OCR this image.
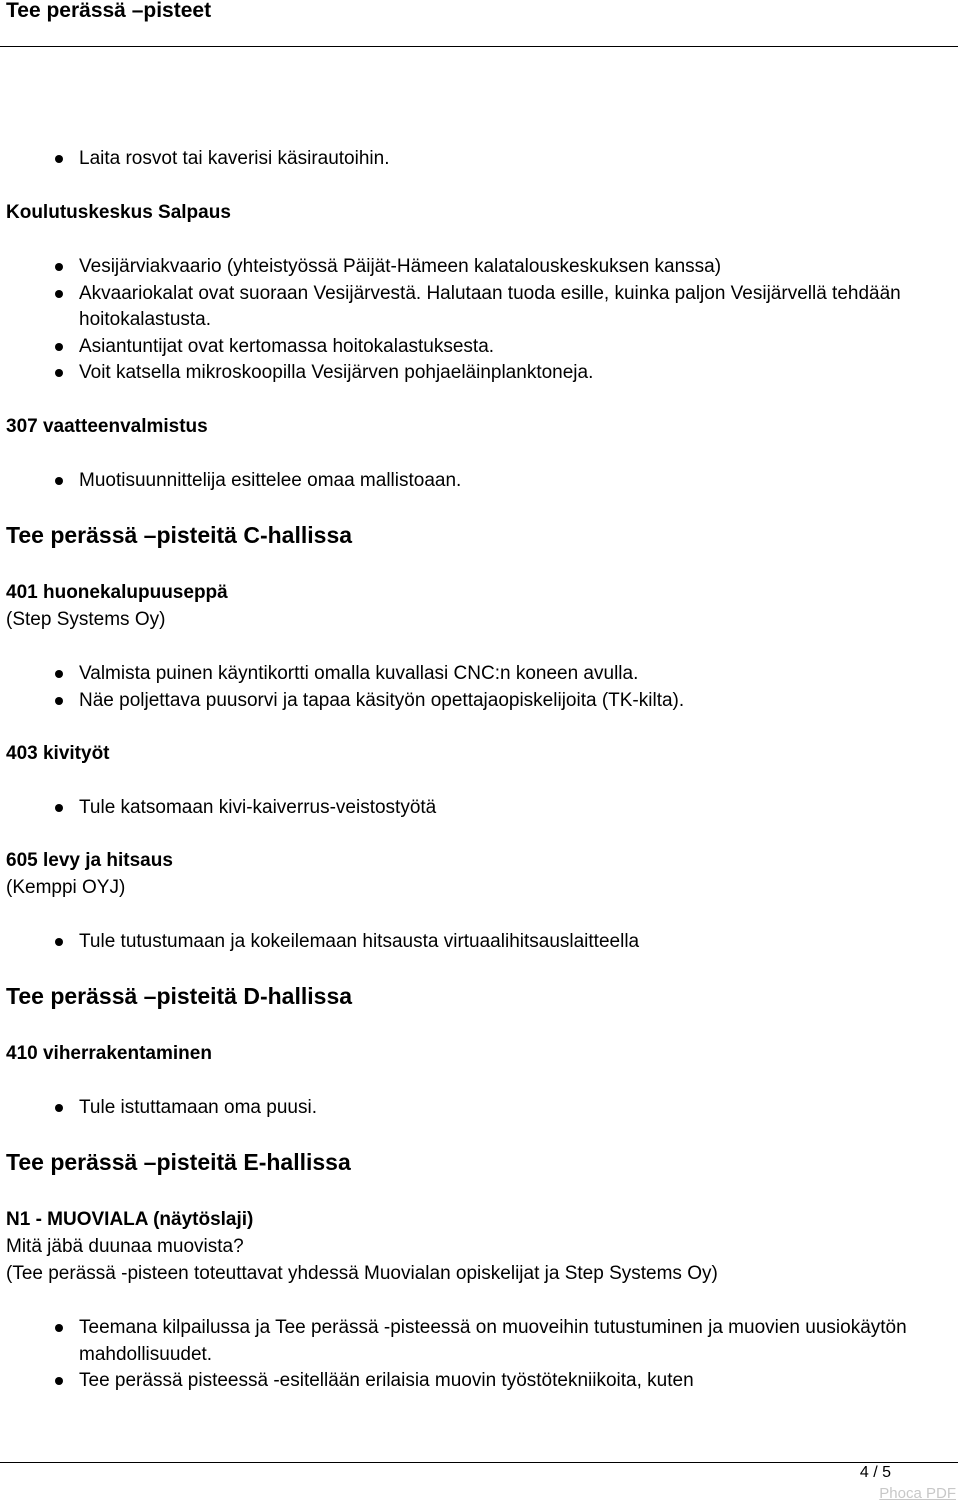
Tee perässä –pisteet
Laita rosvot tai kaverisi käsirautoihin.
Koulutuskeskus Salpaus
Vesijärviakvaario (yhteistyössä Päijät-Hämeen kalatalouskeskuksen kanssa)
Akvaariokalat ovat suoraan Vesijärvestä. Halutaan tuoda esille, kuinka paljon Vesijärvellä tehdään hoitokalastusta.
Asiantuntijat ovat kertomassa hoitokalastuksesta.
Voit katsella mikroskoopilla Vesijärven pohjaeläinplanktoneja.
307 vaatteenvalmistus
Muotisuunnittelija esittelee omaa mallistoaan.
Tee perässä –pisteitä C-hallissa
401 huonekalupuuseppä
(Step Systems Oy)
Valmista puinen käyntikortti omalla kuvallasi CNC:n koneen avulla.
Näe poljettava puusorvi ja tapaa käsityön opettajaopiskelijoita (TK-kilta).
403 kivityöt
Tule katsomaan kivi-kaiverrus-veistostyötä
605 levy ja hitsaus
(Kemppi OYJ)
Tule tutustumaan ja kokeilemaan hitsausta virtuaalihitsauslaitteella
Tee perässä –pisteitä D-hallissa
410 viherrakentaminen
Tule istuttamaan oma puusi.
Tee perässä –pisteitä E-hallissa
N1 - MUOVIALA (näytöslaji)
Mitä jäbä duunaa muovista?
(Tee perässä -pisteen toteuttavat yhdessä Muovialan opiskelijat ja Step Systems Oy)
Teemana kilpailussa ja Tee perässä -pisteessä on muoveihin tutustuminen ja muovien uusiokäytön mahdollisuudet.
Tee perässä pisteessä -esitellään erilaisia muovin työstötekniikoita, kuten
4 / 5
Phoca PDF
